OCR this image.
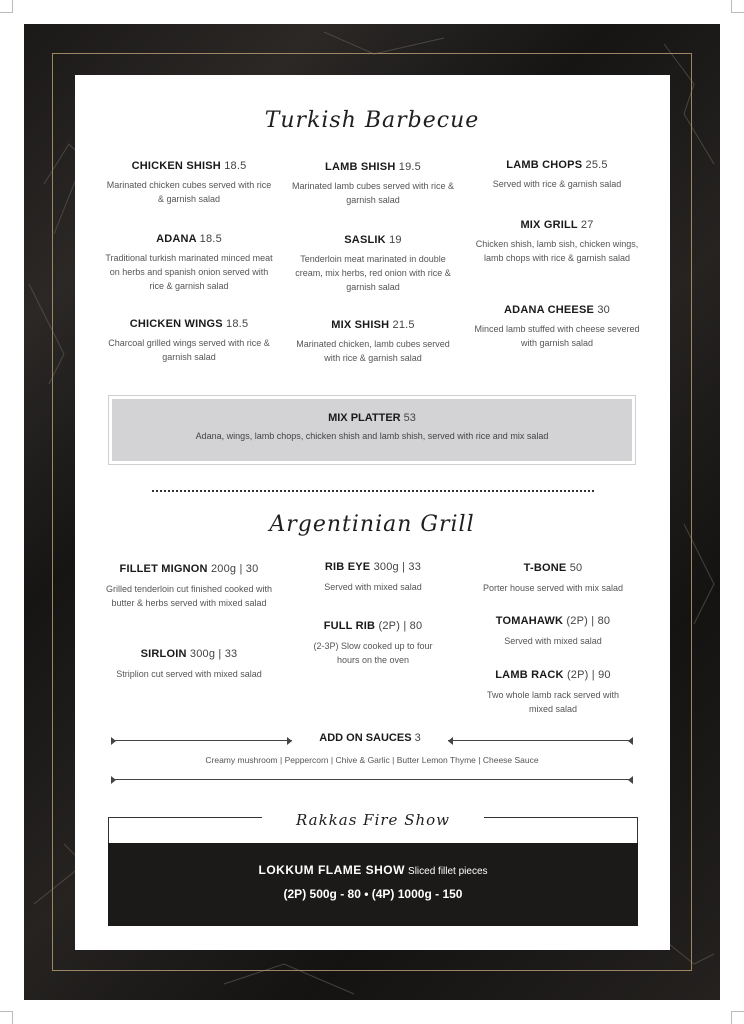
Turkish Barbecue
CHICKEN SHISH 18.5
Marinated chicken cubes served with rice & garnish salad
ADANA 18.5
Traditional turkish marinated minced meat on herbs and spanish onion served with rice & garnish salad
CHICKEN WINGS 18.5
Charcoal grilled wings served with rice & garnish salad
LAMB SHISH 19.5
Marinated lamb cubes served with rice & garnish salad
SASLIK 19
Tenderloin meat marinated in double cream, mix herbs, red onion with rice & garnish salad
MIX SHISH 21.5
Marinated chicken, lamb cubes served with rice & garnish salad
LAMB CHOPS 25.5
Served with rice & garnish salad
MIX GRILL 27
Chicken shish, lamb sish, chicken wings, lamb chops with rice & garnish salad
ADANA CHEESE 30
Minced lamb stuffed with cheese severed with garnish salad
MIX PLATTER 53
Adana, wings, lamb chops, chicken shish and lamb shish, served with rice and mix salad
Argentinian Grill
FILLET MIGNON 200g | 30
Grilled tenderloin cut finished cooked with butter & herbs served with mixed salad
SIRLOIN 300g | 33
Striplion cut served with mixed salad
RIB EYE 300g | 33
Served with mixed salad
FULL RIB (2P) | 80
(2-3P) Slow cooked up to four hours on the oven
T-BONE 50
Porter house served with mix salad
TOMAHAWK (2P) | 80
Served with mixed salad
LAMB RACK (2P) | 90
Two whole lamb rack served with mixed salad
ADD ON SAUCES 3
Creamy mushroom | Peppercorn | Chive & Garlic | Butter Lemon Thyme | Cheese Sauce
Rakkas Fire Show
LOKKUM FLAME SHOW Sliced fillet pieces
(2P) 500g - 80 • (4P) 1000g - 150
